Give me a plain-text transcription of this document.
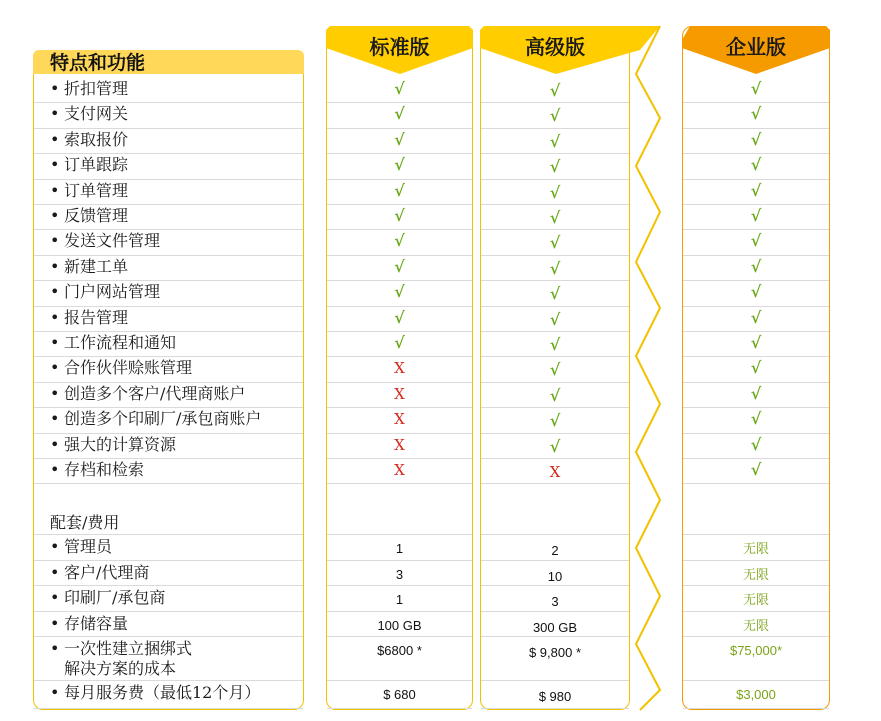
特点和功能
标准版	高级版	企业版
• 折扣管理	√	√	√
• 支付网关	√	√	√
• 索取报价	√	√	√
• 订单跟踪	√	√	√
• 订单管理	√	√	√
• 反馈管理	√	√	√
• 发送文件管理	√	√	√
• 新建工单	√	√	√
• 门户网站管理	√	√	√
• 报告管理	√	√	√
• 工作流程和通知	√	√	√
• 合作伙伴赊账管理	X	√	√
• 创造多个客户/代理商账户	X	√	√
• 创造多个印刷厂/承包商账户	X	√	√
• 强大的计算资源	X	√	√
• 存档和检索	X	X	√
• 管理员	1	2	无限
• 客户/代理商	3	10	无限
• 印刷厂/承包商	1	3	无限
• 存储容量	100 GB	300 GB	无限
• 一次性建立捆绑式
解决方案的成本
$6800 *	$ 9,800 *	$75,000*
• 每月服务费（最低12个月）	$ 680	$ 980	$3,000
配套/费用
